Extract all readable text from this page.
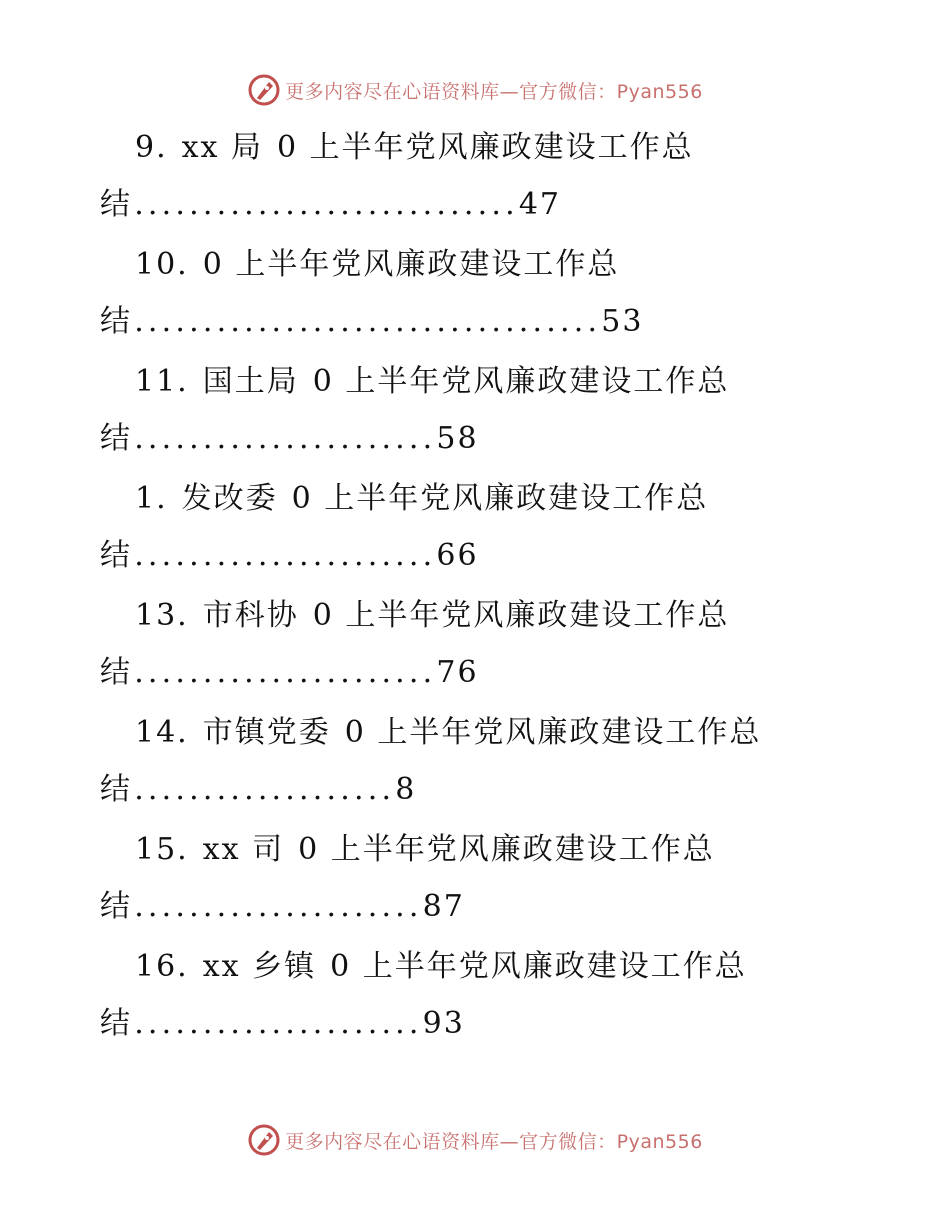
更多内容尽在心语资料库—官方微信：Pyan556
9. xx 局 0 上半年党风廉政建设工作总
结............................47
10. 0 上半年党风廉政建设工作总
结..................................53
11. 国土局 0 上半年党风廉政建设工作总
结......................58
1. 发改委 0 上半年党风廉政建设工作总
结......................66
13. 市科协 0 上半年党风廉政建设工作总
结......................76
14. 市镇党委 0 上半年党风廉政建设工作总
结...................8
15. xx 司 0 上半年党风廉政建设工作总
结.....................87
16. xx 乡镇 0 上半年党风廉政建设工作总
结.....................93
更多内容尽在心语资料库—官方微信：Pyan556
